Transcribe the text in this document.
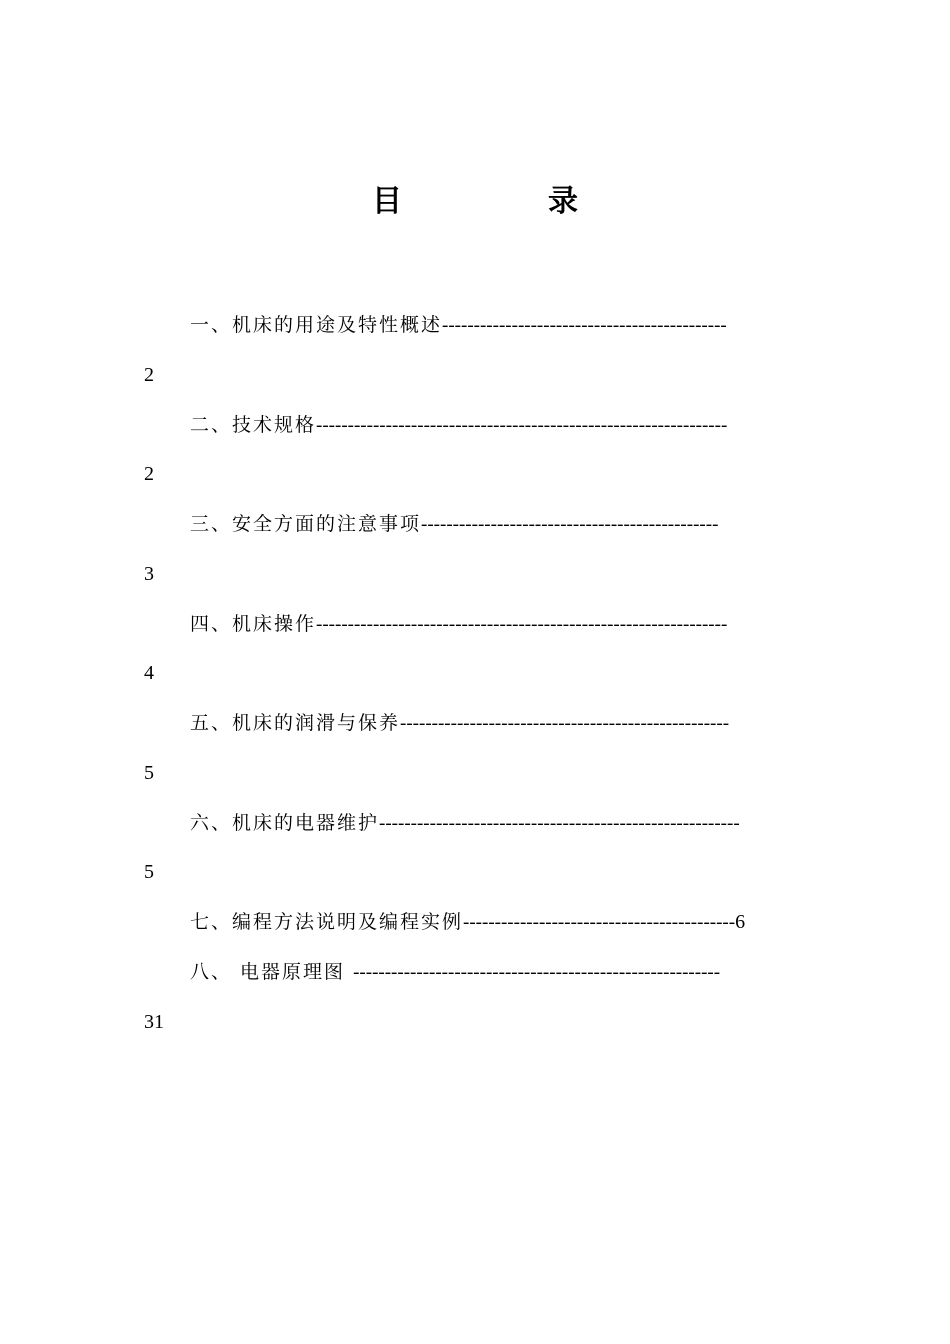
目　录
一、机床的用途及特性概述---------------------------------------------
2
二、技术规格-----------------------------------------------------------------
2
三、安全方面的注意事项-----------------------------------------------
3
四、机床操作-----------------------------------------------------------------
4
五、机床的润滑与保养----------------------------------------------------
5
六、机床的电器维护---------------------------------------------------------
5
七、编程方法说明及编程实例-------------------------------------------6
八、 电器原理图 ----------------------------------------------------------
31
